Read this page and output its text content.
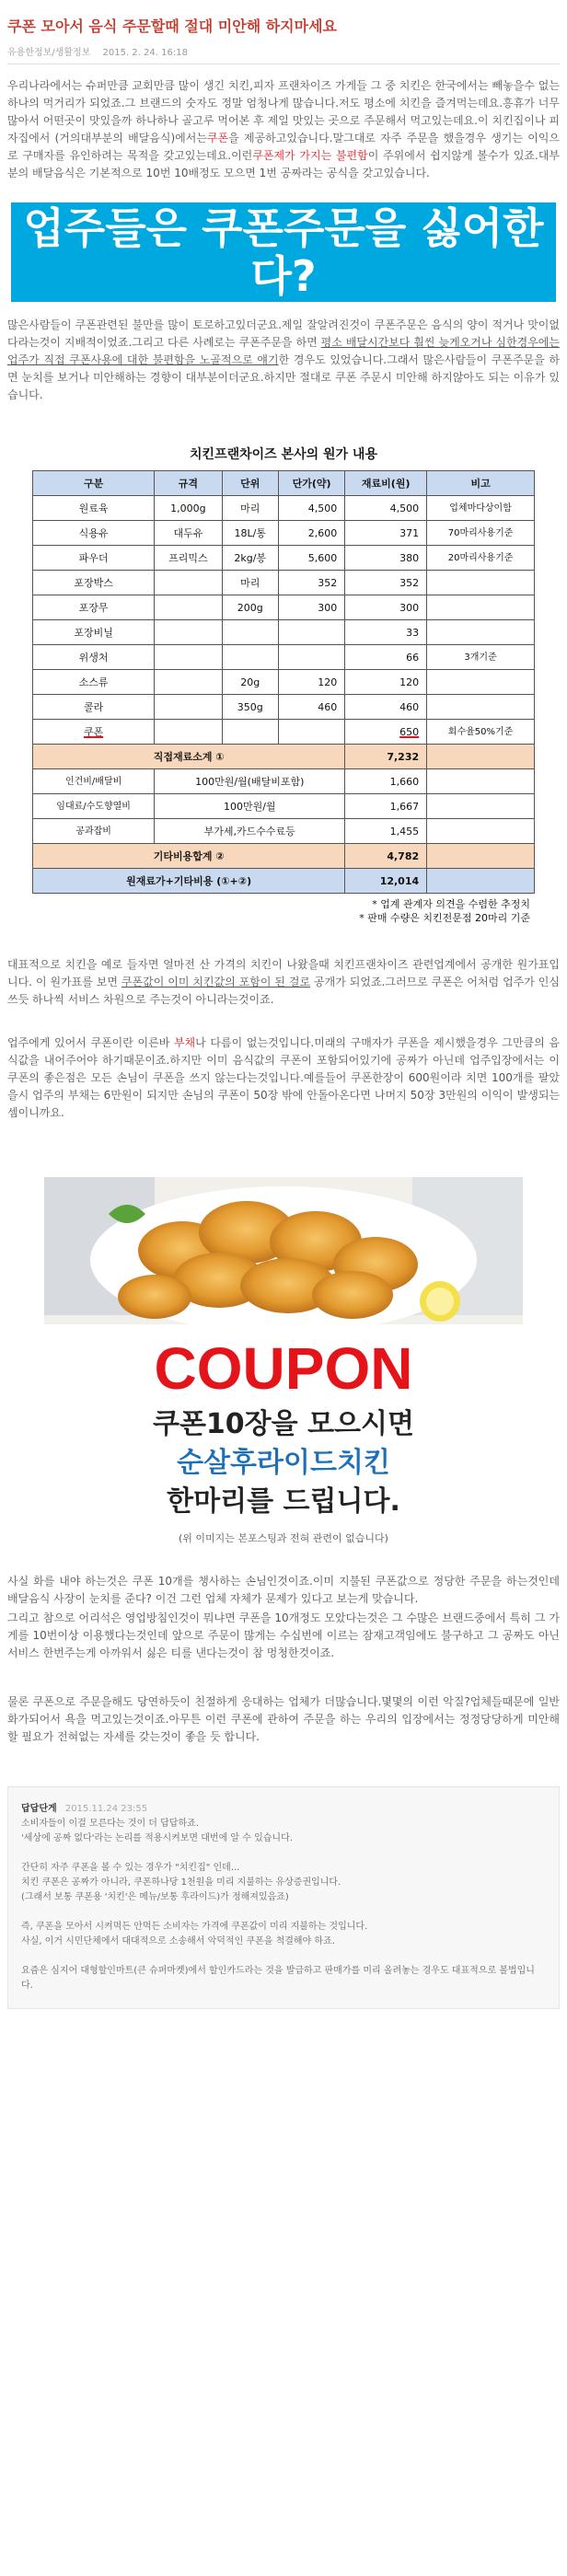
쿠폰 모아서 음식 주문할때 절대 미안해 하지마세요
유용한정보/생활정보 2015. 2. 24. 16:18

우리나라에서는 슈퍼만큼 교회만큼 많이 생긴 치킨,피자 프랜차이즈 가게들 그 중 치킨은 한국에서는 빼놓을수 없는 하나의 먹거리가 되었죠.그 브랜드의 숫자도 정말 엄청나게 많습니다.저도 평소에 치킨을 즐겨먹는데요.흥휴가 너무 많아서 어떤곳이 맛있을까 하나하나 골고루 먹어본 후 제일 맛있는 곳으로 주문해서 먹고있는데요.이 치킨집이나 피자집에서 (거의대부분의 배달음식)에서는쿠폰을 제공하고있습니다.말그대로 자주 주문을 했을경우 생기는 이익으로 구매자를 유인하려는 목적을 갖고있는데요.이런쿠폰제가 가지는 불편함이 주위에서 쉽지않게 볼수가 있죠.대부분의 배달음식은 기본적으로 10번 10배정도 모으면 1번 공짜라는 공식을 갖고있습니다.

업주들은 쿠폰주문을 싫어한다?

많은사람들이 쿠폰관련된 불만를 많이 토로하고있더군요.제일 잘알려진것이 쿠폰주문은 음식의 양이 적거나 맛이없다라는것이 지배적이었죠.그리고 다른 사례로는 쿠폰주문을 하면 평소 배달시간보다 훨씬 늦게오거나 심한경우에는 업주가 직접 쿠폰사용에 대한 불편함을 노골적으로 얘기한 경우도 있었습니다.그래서 많은사람들이 쿠폰주문을 하면 눈치를 보거나 미안해하는 경향이 대부분이더군요.하지만 절대로 쿠폰 주문시 미안해 하지않아도 되는 이유가 있습니다.

치킨프랜차이즈 본사의 원가 내용
구분	규격	단위	단가(약)	재료비(원)	비고
원료육	1,000g	마리	4,500	4,500	업체마다상이함
식용유	대두유	18L/통	2,600	371	70마리사용기준
파우더	프리믹스	2kg/봉	5,600	380	20마리사용기준
포장박스		마리	352	352	
포장무		200g	300	300	
포장비닐				33	
위생처				66	3개기준
소스류		20g	120	120	
콜라		350g	460	460	
쿠폰				650	회수율50%기준
직접재료소계 ①				7,232	
인건비/배달비	100만원/월(배달비포함)			1,660	
임대료/수도향열비	100만원/월			1,667	
공과잡비	부가세,카드수수료등			1,455	
기타비용합계 ②				4,782	
원재료가+기타비용 (①+②)				12,014	
* 업계 관계자 의견을 수렴한 추정치
* 판매 수량은 치킨전문점 20마리 기준

대표적으로 치킨을 예로 들자면 얼마전 산 가격의 치킨이 나왔을때 치킨프랜차이즈 관련업계에서 공개한 원가표입니다. 이 원가표를 보면 쿠폰값이 이미 치킨값의 포함이 된 걸로 공개가 되었죠.그러므로 쿠폰은 어처럼 업주가 인심쓰듯 하나씩 서비스 차원으로 주는것이 아니라는것이죠.

업주에게 있어서 쿠폰이란 이른바 부채나 다름이 없는것입니다.미래의 구매자가 쿠폰을 제시했을경우 그만큼의 음식값을 내어주어야 하기때문이죠.하지만 이미 음식값의 쿠폰이 포함되어있기에 공짜가 아닌데 업주입장에서는 이 쿠폰의 좋은점은 모든 손님이 쿠폰을 쓰지 않는다는것입니다.예를들어 쿠폰한장이 600원이라 치면 100개를 팔았을시 업주의 부채는 6만원이 되지만 손님의 쿠폰이 50장 밖에 안돌아온다면 나머지 50장 3만원의 이익이 발생되는 셈이니까요.

COUPON
쿠폰10장을 모으시면
순살후라이드치킨
한마리를 드립니다.
(위 이미지는 본포스팅과 전혀 관련이 없습니다)

사실 화를 내야 하는것은 쿠폰 10개를 챙사하는 손님인것이죠.이미 지불된 쿠폰값으로 정당한 주문을 하는것인데 배달음식 사장이 눈치를 준다? 이건 그런 업체 자체가 문제가 있다고 보는게 맞습니다.

그리고 참으로 어리석은 영업방침인것이 뭐냐면 쿠폰을 10개정도 모았다는것은 그 수많은 브랜드중에서 특히 그 가게를 10번이상 이용했다는것인데 앞으로 주문이 많게는 수십번에 이르는 잠재고객임에도 불구하고 그 공짜도 아닌 서비스 한번주는게 아까워서 싫은 티를 낸다는것이 참 멍청한것이죠.

물론 쿠폰으로 주문을해도 당연하듯이 친절하게 응대하는 업체가 더많습니다.몇몇의 이런 악질?업체들때문에 일반화가되어서 욕을 먹고있는것이죠.아무튼 이런 쿠폰에 관하여 주문을 하는 우리의 입장에서는 정정당당하게 미안해할 필요가 전혀없는 자세를 갖는것이 좋을 듯 합니다.

답답단게 2015.11.24 23:55
소비자들이 이걸 모른다는 것이 더 답답하죠.
'세상에 공짜 없다'라는 논리를 적용시켜보면 대번에 알 수 있습니다.
간단히 자주 쿠폰을 볼 수 있는 경우가 "치킨집" 인데...
치킨 쿠폰은 공짜가 아니라, 쿠폰하나당 1천원을 미리 지불하는 유상증권입니다.
(그래서 보통 쿠폰용 '치킨'은 메뉴/보통 후라이드)가 정해져있음죠)
즉, 쿠폰을 모아서 시켜먹든 안먹든 소비자는 가격에 쿠폰값이 미리 지불하는 것입니다.
사실, 이거 시민단체에서 대대적으로 소송해서 악덕적인 쿠폰을 척결해야 하죠.
요즘은 심지어 대형할인마트(큰 슈퍼마켓)에서 할인카드라는 것을 발급하고 판매가를 미리 올려놓는 경우도 대표적으로 볼법입니다.
